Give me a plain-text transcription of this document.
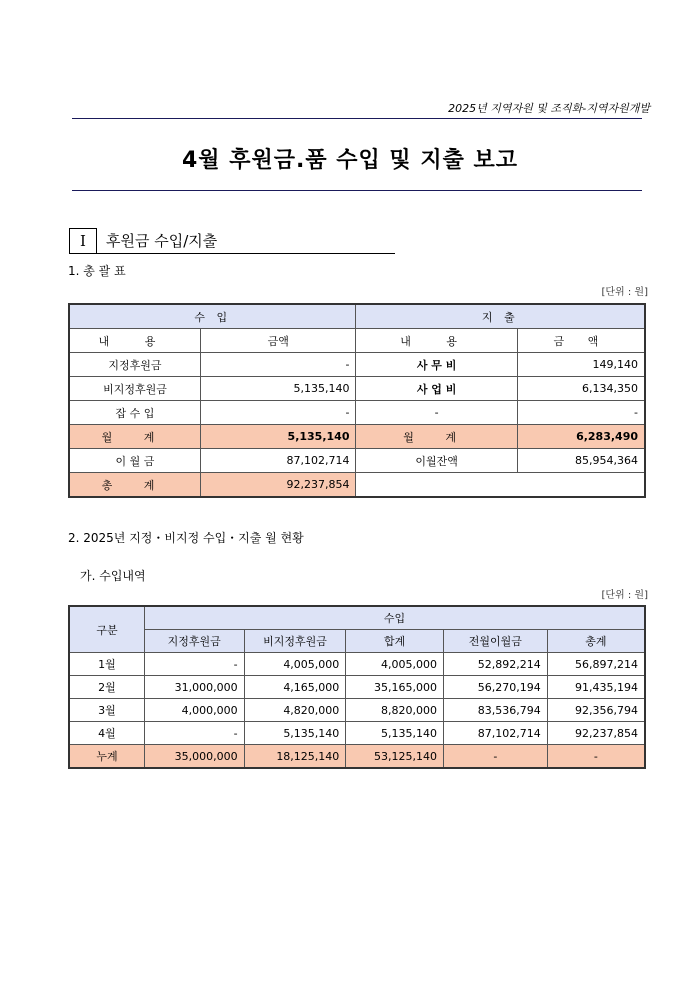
2025년 지역자원 및 조직화-지역자원개발
4월 후원금.품 수입 및 지출 보고
I	후원금 수입/지출
1. 총 괄 표
[단위 : 원]
수 입		지 출	
내 용	금액	내 용	금 액
지정후원금	-	사 무 비	149,140
비지정후원금	5,135,140	사 업 비	6,134,350
잡 수 입	-	-	-
월 계	5,135,140	월 계	6,283,490
이 월 금	87,102,714	이월잔액	85,954,364
총 계	92,237,854		
2. 2025년 지정・비지정 수입・지출 월 현황
가. 수입내역
[단위 : 원]
구분	수입				
	지정후원금	비지정후원금	합계	전월이월금	총계
1월	-	4,005,000	4,005,000	52,892,214	56,897,214
2월	31,000,000	4,165,000	35,165,000	56,270,194	91,435,194
3월	4,000,000	4,820,000	8,820,000	83,536,794	92,356,794
4월	-	5,135,140	5,135,140	87,102,714	92,237,854
누계	35,000,000	18,125,140	53,125,140	-	-
